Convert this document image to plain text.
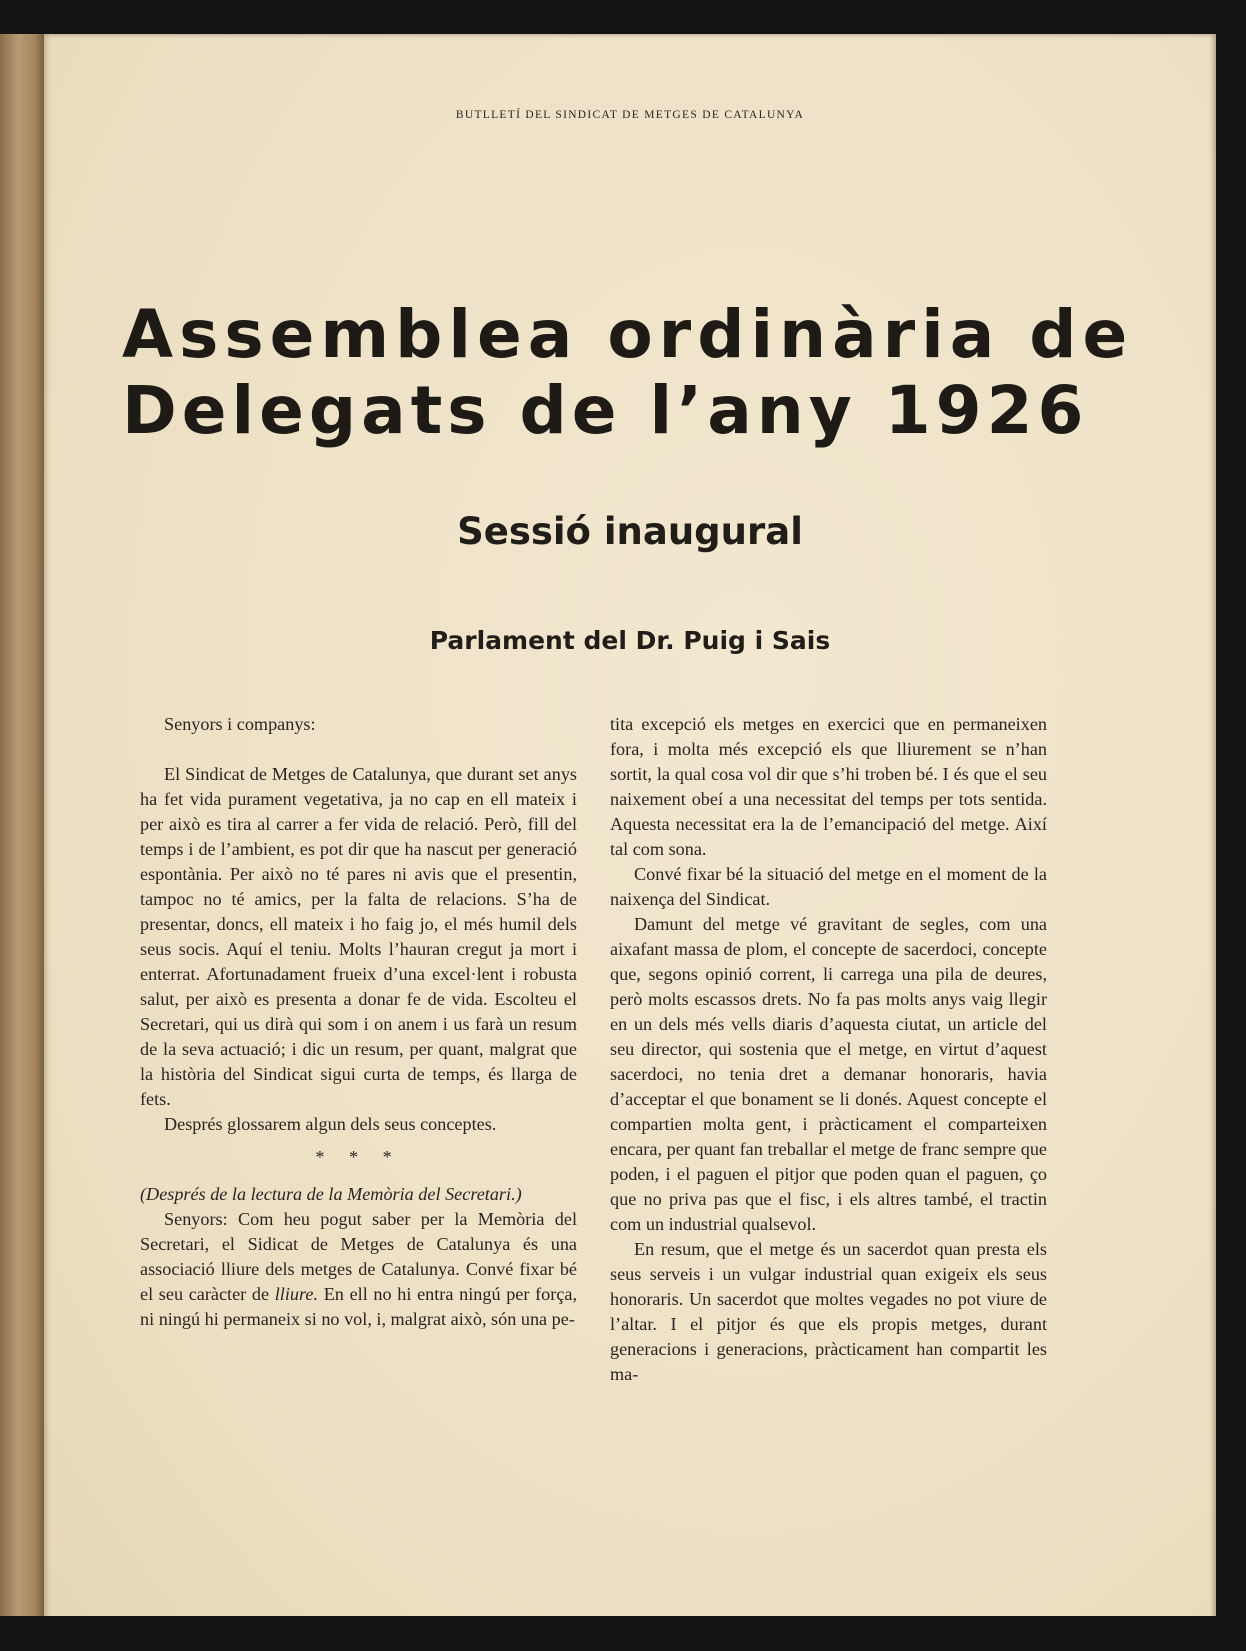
BUTLLETÍ DEL SINDICAT DE METGES DE CATALUNYA
Assemblea ordinària de
Delegats de l’any 1926
Sessió inaugural
Parlament del Dr. Puig i Sais

Senyors i companys:

El Sindicat de Metges de Catalunya, que durant set anys ha fet vida purament vegetativa, ja no cap en ell mateix i per això es tira al carrer a fer vida de relació. Però, fill del temps i de l’ambient, es pot dir que ha nascut per generació espontània. Per això no té pares ni avis que el presentin, tampoc no té amics, per la falta de relacions. S’ha de presentar, doncs, ell mateix i ho faig jo, el més humil dels seus socis. Aquí el teniu. Molts l’hauran cregut ja mort i enterrat. Afortunadament frueix d’una excel·lent i robusta salut, per això es presenta a donar fe de vida. Escolteu el Secretari, qui us dirà qui som i on anem i us farà un resum de la seva actuació; i dic un resum, per quant, malgrat que la història del Sindicat sigui curta de temps, és llarga de fets.

Després glossarem algun dels seus conceptes.

* * *

(Després de la lectura de la Memòria del Secretari.)

Senyors: Com heu pogut saber per la Memòria del Secretari, el Sidicat de Metges de Catalunya és una associació lliure dels metges de Catalunya. Convé fixar bé el seu caràcter de lliure. En ell no hi entra ningú per força, ni ningú hi permaneix si no vol, i, malgrat això, són una pe-

tita excepció els metges en exercici que en permaneixen fora, i molta més excepció els que lliurement se n’han sortit, la qual cosa vol dir que s’hi troben bé. I és que el seu naixement obeí a una necessitat del temps per tots sentida. Aquesta necessitat era la de l’emancipació del metge. Així tal com sona.

Convé fixar bé la situació del metge en el moment de la naixença del Sindicat.

Damunt del metge vé gravitant de segles, com una aixafant massa de plom, el concepte de sacerdoci, concepte que, segons opinió corrent, li carrega una pila de deures, però molts escassos drets. No fa pas molts anys vaig llegir en un dels més vells diaris d’aquesta ciutat, un article del seu director, qui sostenia que el metge, en virtut d’aquest sacerdoci, no tenia dret a demanar honoraris, havia d’acceptar el que bonament se li donés. Aquest concepte el compartien molta gent, i pràcticament el comparteixen encara, per quant fan treballar el metge de franc sempre que poden, i el paguen el pitjor que poden quan el paguen, ço que no priva pas que el fisc, i els altres també, el tractin com un industrial qualsevol.

En resum, que el metge és un sacerdot quan presta els seus serveis i un vulgar industrial quan exigeix els seus honoraris. Un sacerdot que moltes vegades no pot viure de l’altar. I el pitjor és que els propis metges, durant generacions i generacions, pràcticament han compartit les ma-
